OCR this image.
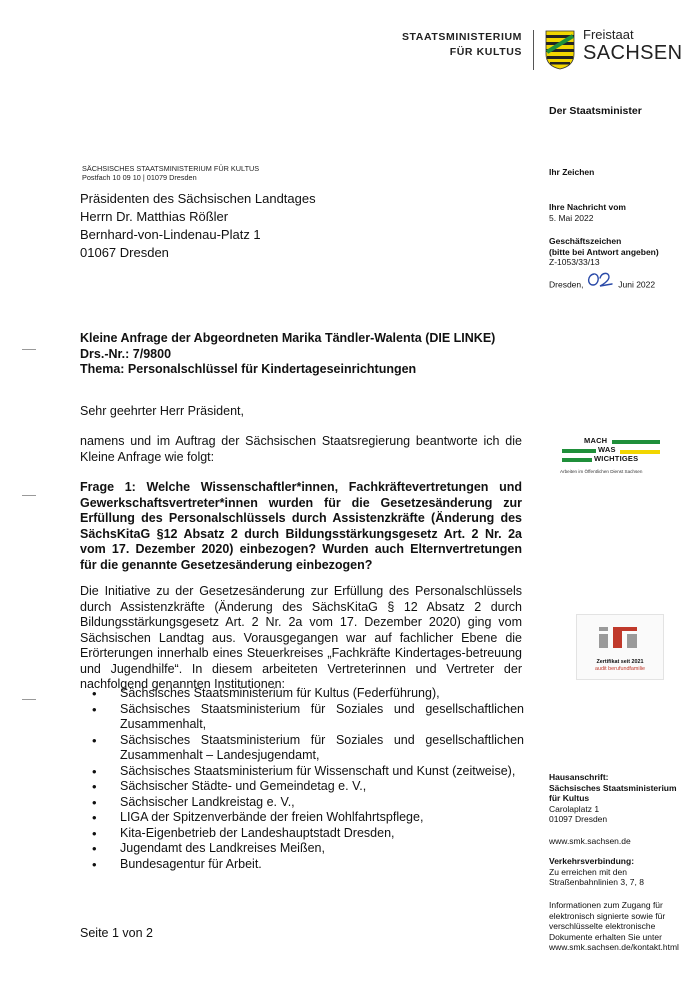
STAATSMINISTERIUM
FÜR KULTUS
Freistaat
SACHSEN
Der Staatsminister
SÄCHSISCHES STAATSMINISTERIUM FÜR KULTUS
Postfach 10 09 10 | 01079 Dresden
Präsidenten des Sächsischen Landtages
Herrn Dr. Matthias Rößler
Bernhard-von-Lindenau-Platz 1
01067 Dresden
Ihr Zeichen
Ihre Nachricht vom
5. Mai 2022
Geschäftszeichen
(bitte bei Antwort angeben)
Z-1053/33/13
Dresden,	Juni 2022
Kleine Anfrage der Abgeordneten Marika Tändler-Walenta (DIE LINKE)
Drs.-Nr.: 7/9800
Thema: Personalschlüssel für Kindertageseinrichtungen
Sehr geehrter Herr Präsident,
namens und im Auftrag der Sächsischen Staatsregierung beantworte ich die Kleine Anfrage wie folgt:
Frage 1: Welche Wissenschaftler*innen, Fachkräftevertretungen und Gewerkschaftsvertreter*innen wurden für die Gesetzesänderung zur Erfüllung des Personalschlüssels durch Assistenzkräfte (Änderung des SächsKitaG §12 Absatz 2 durch Bildungsstärkungsgesetz Art. 2 Nr. 2a vom 17. Dezember 2020) einbezogen? Wurden auch Elternvertretungen für die genannte Gesetzesänderung einbezogen?
Die Initiative zu der Gesetzesänderung zur Erfüllung des Personalschlüssels durch Assistenzkräfte (Änderung des SächsKitaG § 12 Absatz 2 durch Bildungsstärkungsgesetz Art. 2 Nr. 2a vom 17. Dezember 2020) ging vom Sächsischen Landtag aus. Vorausgegangen war auf fachlicher Ebene die Erörterungen innerhalb eines Steuerkreises „Fachkräfte Kindertages-betreuung und Jugendhilfe“. In diesem arbeiteten Vertreterinnen und Vertreter der nachfolgend genannten Institutionen:
• Sächsisches Staatsministerium für Kultus (Federführung),
• Sächsisches Staatsministerium für Soziales und gesellschaftlichen Zusammenhalt,
• Sächsisches Staatsministerium für Soziales und gesellschaftlichen Zusammenhalt – Landesjugendamt,
• Sächsisches Staatsministerium für Wissenschaft und Kunst (zeitweise),
• Sächsischer Städte- und Gemeindetag e. V.,
• Sächsischer Landkreistag e. V.,
• LIGA der Spitzenverbände der freien Wohlfahrtspflege,
• Kita-Eigenbetrieb der Landeshauptstadt Dresden,
• Jugendamt des Landkreises Meißen,
• Bundesagentur für Arbeit.
Seite 1 von 2
MACH
WAS
WICHTIGES
Arbeiten im Öffentlichen Dienst Sachsen
Zertifikat seit 2021
audit berufundfamilie
Hausanschrift:
Sächsisches Staatsministerium
für Kultus
Carolaplatz 1
01097 Dresden
www.smk.sachsen.de
Verkehrsverbindung:
Zu erreichen mit den
Straßenbahnlinien 3, 7, 8
Informationen zum Zugang für
elektronisch signierte sowie für
verschlüsselte elektronische
Dokumente erhalten Sie unter
www.smk.sachsen.de/kontakt.html
